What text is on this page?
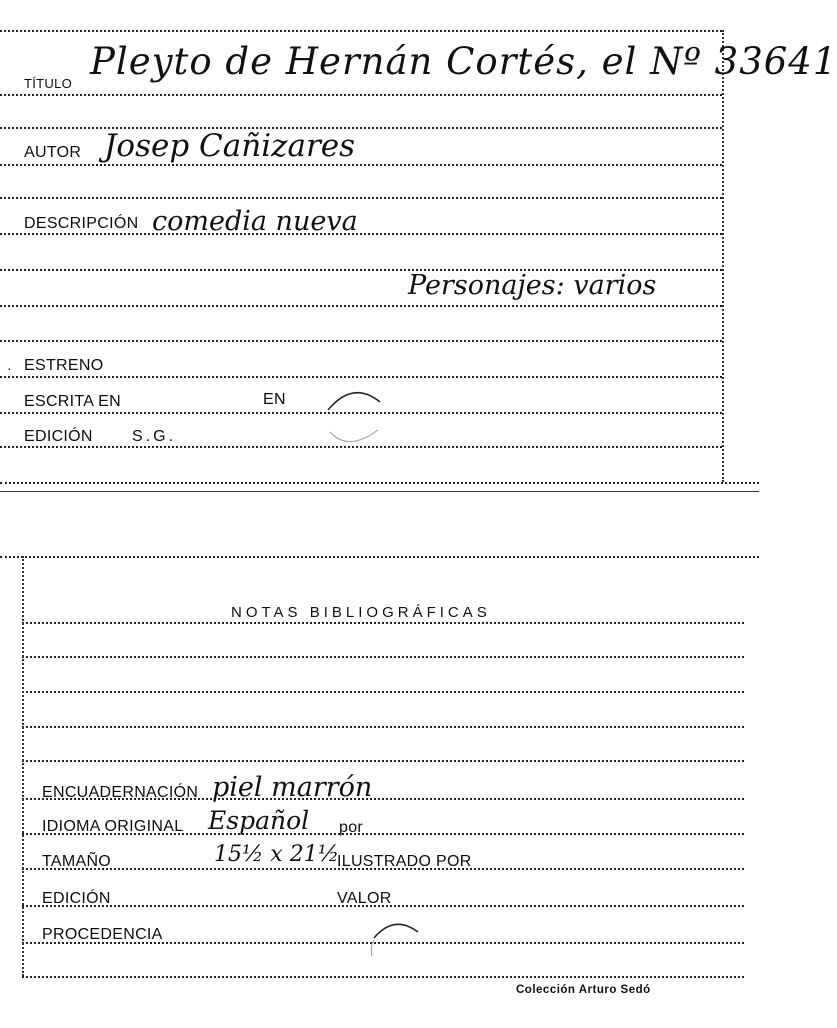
TÍTULO
Pleyto de Hernán Cortés, el Nº 33641
AUTOR Josep Cañizares
DESCRIPCIÓN comedia nueva
Personajes: varios
· ESTRENO
ESCRITA EN	EN
EDICIÓN S.G.
NOTAS BIBLIOGRÁFICAS
ENCUADERNACIÓN piel marrón
IDIOMA ORIGINAL Español por
TAMAÑO	15½ x 21½
ILUSTRADO POR
EDICIÓN	VALOR
PROCEDENCIA
Colección Arturo Sedó
